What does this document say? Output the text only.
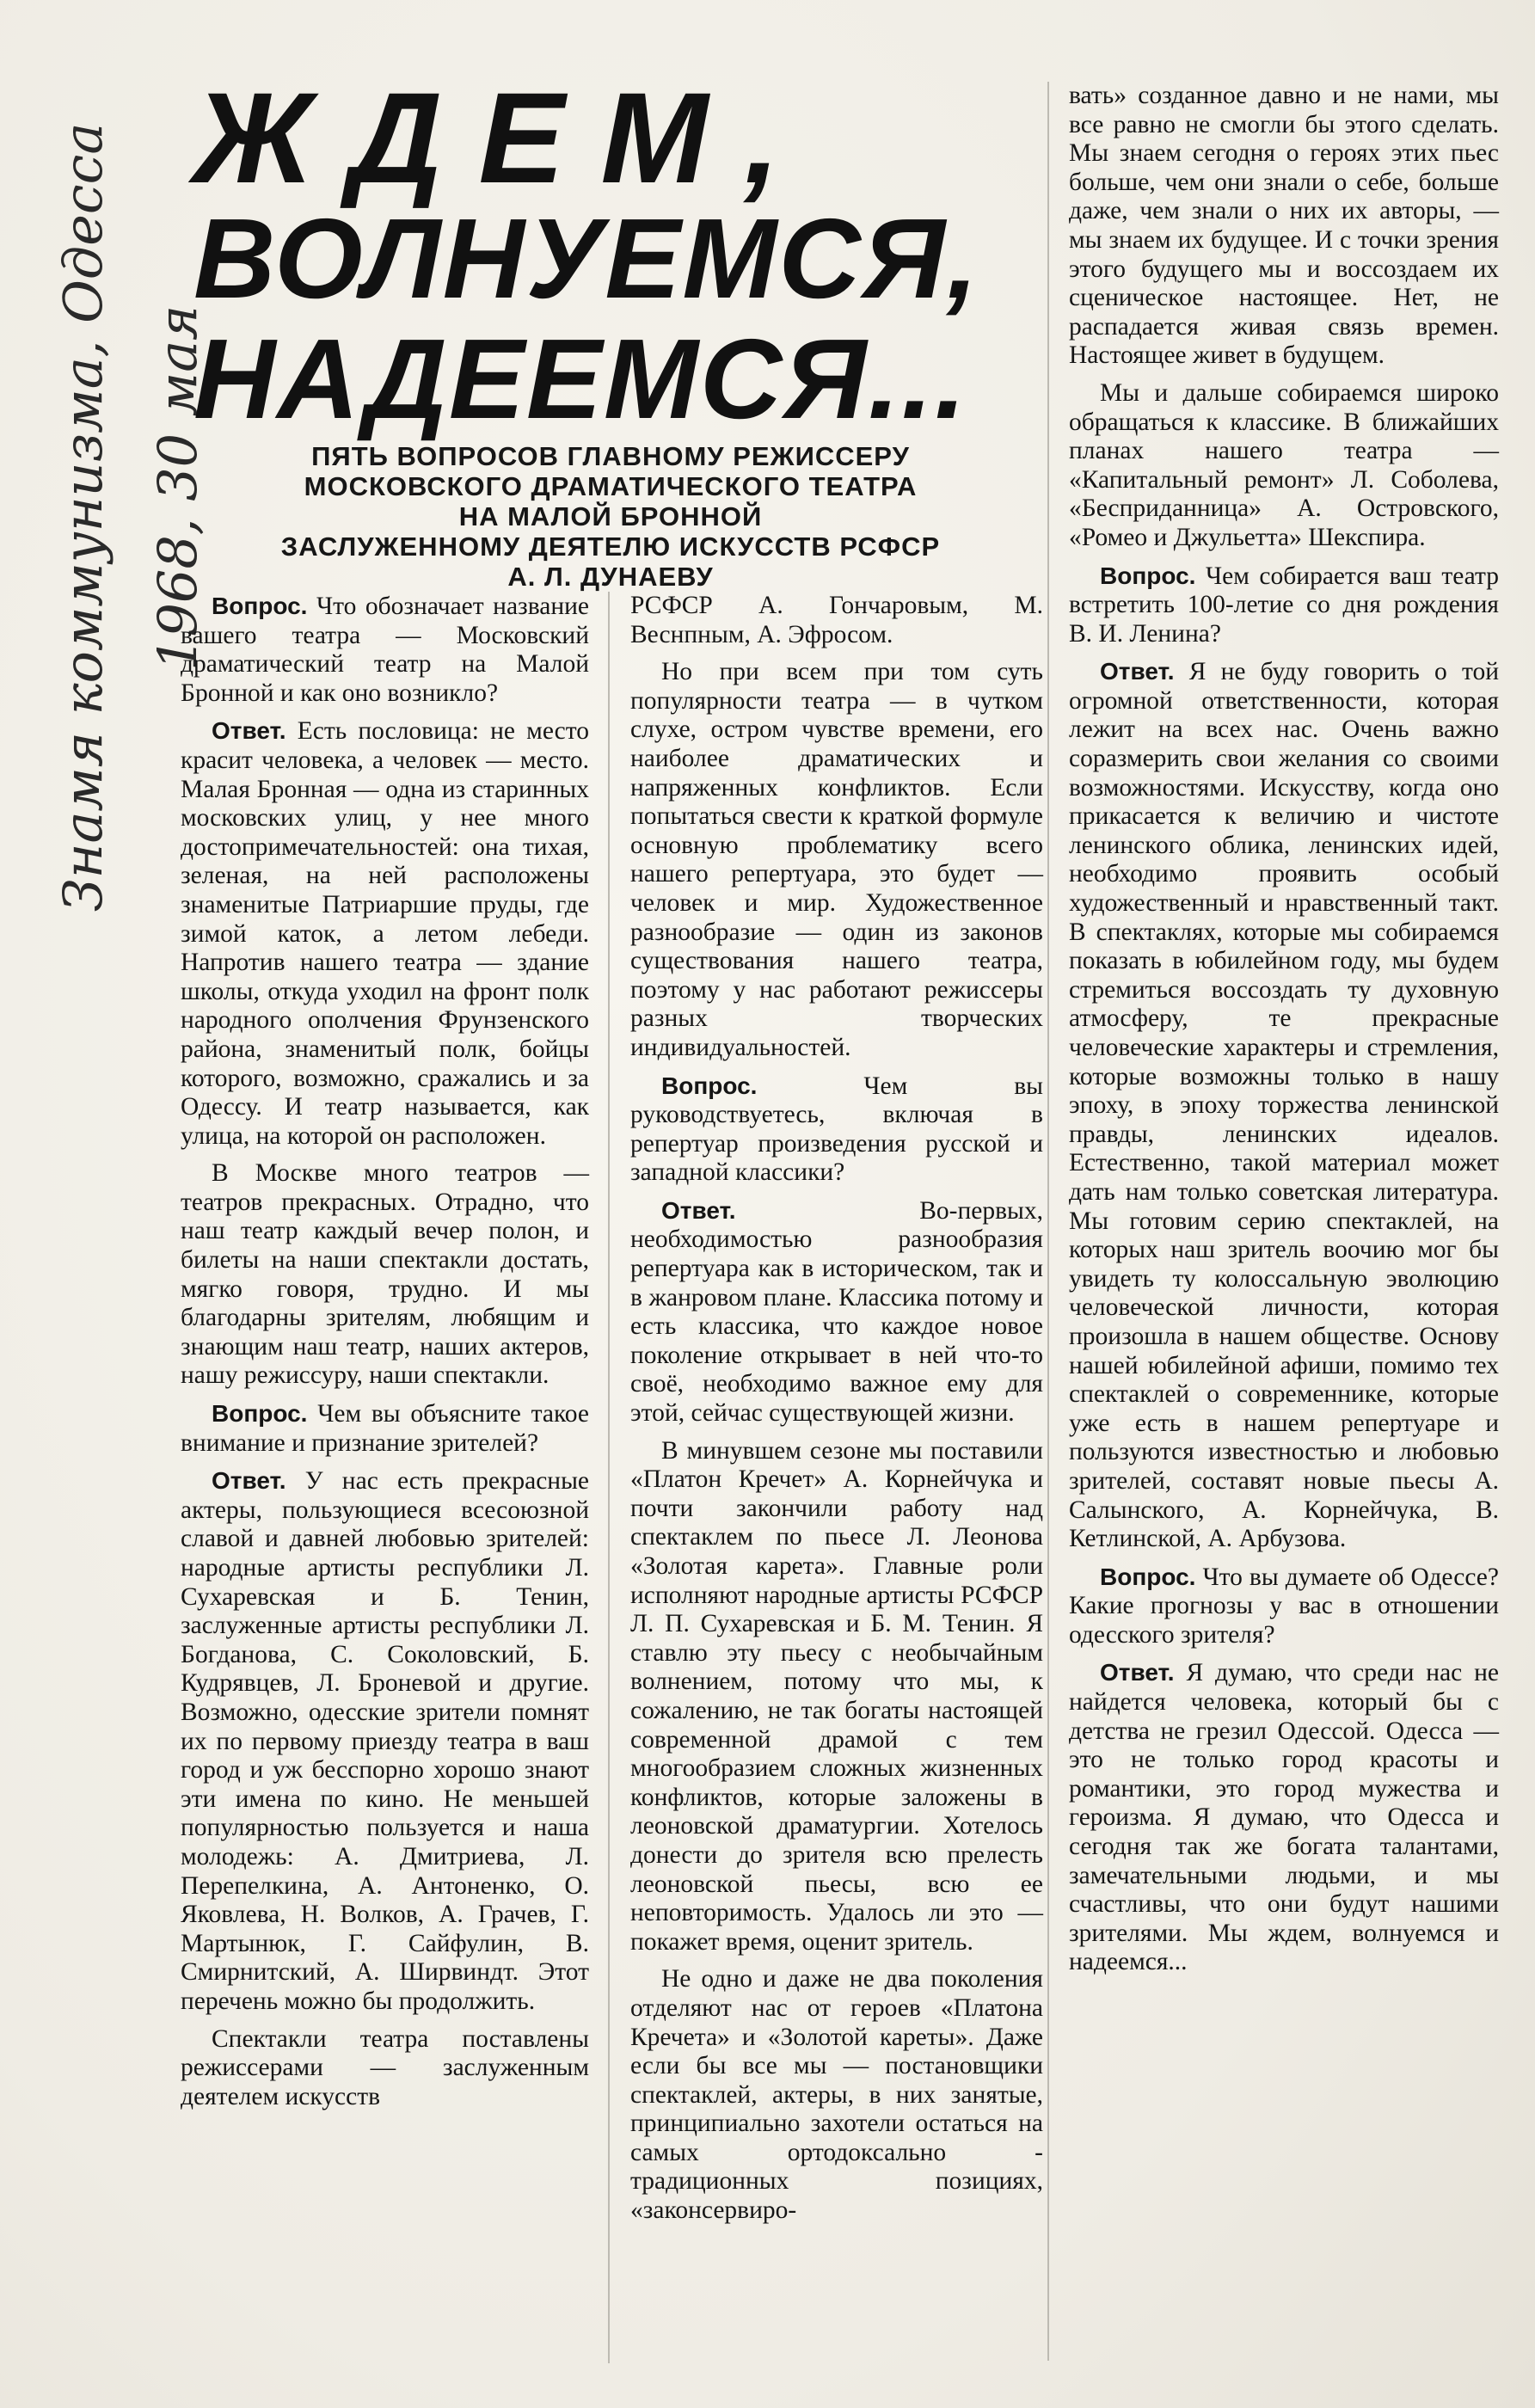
Знамя коммунизма, Одесса 1968, 30 мая
ЖДЕМ,
ВОЛНУЕМСЯ,
НАДЕЕМСЯ...
ПЯТЬ ВОПРОСОВ ГЛАВНОМУ РЕЖИССЕРУ
МОСКОВСКОГО ДРАМАТИЧЕСКОГО ТЕАТРА
НА МАЛОЙ БРОННОЙ
ЗАСЛУЖЕННОМУ ДЕЯТЕЛЮ ИСКУССТВ РСФСР
А. Л. ДУНАЕВУ

Вопрос. Что обозначает название вашего театра — Московский драматический театр на Малой Бронной и как оно возникло?

Ответ. Есть пословица: не место красит человека, а человек — место. Малая Бронная — одна из старинных московских улиц, у нее много достопримечательностей: она тихая, зеленая, на ней расположены знаменитые Патриаршие пруды, где зимой каток, а летом лебеди. Напротив нашего театра — здание школы, откуда уходил на фронт полк народного ополчения Фрунзенского района, знаменитый полк, бойцы которого, возможно, сражались и за Одессу. И театр называется, как улица, на которой он расположен.

В Москве много театров — театров прекрасных. Отрадно, что наш театр каждый вечер полон, и билеты на наши спектакли достать, мягко говоря, трудно. И мы благодарны зрителям, любящим и знающим наш театр, наших актеров, нашу режиссуру, наши спектакли.

Вопрос. Чем вы объясните такое внимание и признание зрителей?

Ответ. У нас есть прекрасные актеры, пользующиеся всесоюзной славой и давней любовью зрителей: народные артисты республики Л. Сухаревская и Б. Тенин, заслуженные артисты республики Л. Богданова, С. Соколовский, Б. Кудрявцев, Л. Броневой и другие. Возможно, одесские зрители помнят их по первому приезду театра в ваш город и уж бесспорно хорошо знают эти имена по кино. Не меньшей популярностью пользуется и наша молодежь: А. Дмитриева, Л. Перепелкина, А. Антоненко, О. Яковлева, Н. Волков, А. Грачев, Г. Мартынюк, Г. Сайфулин, В. Смирнитский, А. Ширвиндт. Этот перечень можно бы продолжить.

Спектакли театра поставлены режиссерами — заслуженным деятелем искусств

РСФСР А. Гончаровым, М. Веснпным, А. Эфросом.

Но при всем при том суть популярности театра — в чутком слухе, остром чувстве времени, его наиболее драматических и напряженных конфликтов. Если попытаться свести к краткой формуле основную проблематику всего нашего репертуара, это будет — человек и мир. Художественное разнообразие — один из законов существования нашего театра, поэтому у нас работают режиссеры разных творческих индивидуальностей.

Вопрос.	Чем вы руководствуетесь, включая в репертуар произведения русской и западной классики?

Ответ.	Во-первых, необходимостью разнообразия репертуара как в историческом, так и в жанровом плане. Классика потому и есть классика, что каждое новое поколение открывает в ней что-то своё, необходимо важное ему для этой, сейчас существующей жизни.

В минувшем сезоне мы поставили «Платон Кречет» А. Корнейчука и почти закончили работу над спектаклем по пьесе Л. Леонова «Золотая карета». Главные роли исполняют народные артисты РСФСР Л. П. Сухаревская и Б. М. Тенин. Я ставлю эту пьесу с необычайным волнением, потому что мы, к сожалению, не так богаты настоящей современной драмой с тем многообразием сложных жизненных конфликтов, которые заложены в леоновской драматургии. Хотелось донести до зрителя всю прелесть леоновской пьесы, всю ее неповторимость. Удалось ли это — покажет время, оценит зритель.

Не одно и даже не два поколения отделяют нас от героев «Платона Кречета» и «Золотой кареты». Даже если бы все мы — постановщики спектаклей, актеры, в них занятые, принципиально захотели остаться на самых ортодоксально - традиционных позициях, «законсервиро-

вать» созданное давно и не нами, мы все равно не смогли бы этого сделать. Мы знаем сегодня о героях этих пьес больше, чем они знали о себе, больше даже, чем знали о них их авторы, — мы знаем их будущее. И с точки зрения этого будущего мы и воссоздаем их сценическое настоящее. Нет, не распадается живая связь времен. Настоящее живет в будущем.

Мы и дальше собираемся широко обращаться к классике. В ближайших планах нашего театра — «Капитальный ремонт» Л. Соболева, «Бесприданница» А. Островского, «Ромео и Джульетта» Шекспира.

Вопрос. Чем собирается ваш театр встретить 100-летие со дня рождения В. И. Ленина?

Ответ. Я не буду говорить о той огромной ответственности, которая лежит на всех нас. Очень важно соразмерить свои желания со своими возможностями. Искусству, когда оно прикасается к величию и чистоте ленинского облика, ленинских идей, необходимо проявить особый художественный и нравственный такт. В спектаклях, которые мы собираемся показать в юбилейном году, мы будем стремиться воссоздать ту духовную атмосферу, те прекрасные человеческие характеры и стремления, которые возможны только в нашу эпоху, в эпоху торжества ленинской правды, ленинских идеалов. Естественно, такой материал может дать нам только советская литература. Мы готовим серию спектаклей, на которых наш зритель воочию мог бы увидеть ту колоссальную эволюцию человеческой личности, которая произошла в нашем обществе. Основу нашей юбилейной афиши, помимо тех спектаклей о современнике, которые уже есть в нашем репертуаре и пользуются известностью и любовью зрителей, составят новые пьесы А. Салынского, А. Корнейчука, В. Кетлинской, А. Арбузова.

Вопрос. Что вы думаете об Одессе? Какие прогнозы у вас в отношении одесского зрителя?

Ответ. Я думаю, что среди нас не найдется человека, который бы с детства не грезил Одессой. Одесса — это не только город красоты и романтики, это город мужества и героизма. Я думаю, что Одесса и сегодня так же богата талантами, замечательными людьми, и мы счастливы, что они будут нашими зрителями. Мы ждем, волнуемся и надеемся...
